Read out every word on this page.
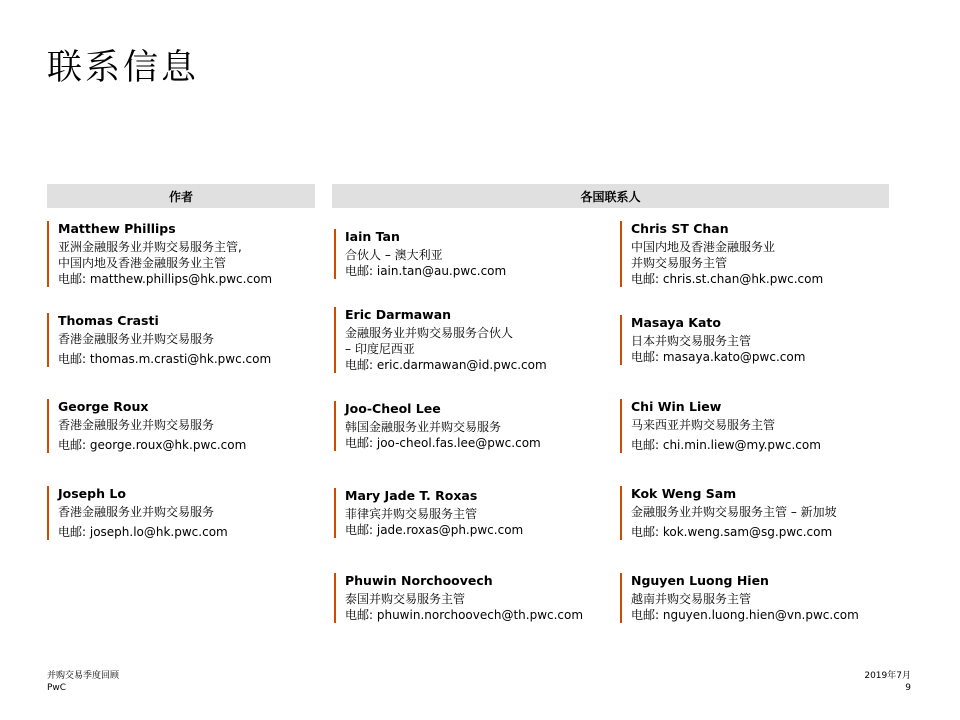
联系信息
作者	各国联系人
Matthew Phillips
亚洲金融服务业并购交易服务主管,
中国内地及香港金融服务业主管
电邮: matthew.phillips@hk.pwc.com
Thomas Crasti
香港金融服务业并购交易服务
电邮: thomas.m.crasti@hk.pwc.com
George Roux
香港金融服务业并购交易服务
电邮: george.roux@hk.pwc.com
Joseph Lo
香港金融服务业并购交易服务
电邮: joseph.lo@hk.pwc.com
Iain Tan
合伙人 – 澳大利亚
电邮: iain.tan@au.pwc.com
Eric Darmawan
金融服务业并购交易服务合伙人
– 印度尼西亚
电邮: eric.darmawan@id.pwc.com
Joo-Cheol Lee
韩国金融服务业并购交易服务
电邮: joo-cheol.fas.lee@pwc.com
Mary Jade T. Roxas
菲律宾并购交易服务主管
电邮: jade.roxas@ph.pwc.com
Phuwin Norchoovech
泰国并购交易服务主管
电邮: phuwin.norchoovech@th.pwc.com
Chris ST Chan
中国内地及香港金融服务业
并购交易服务主管
电邮: chris.st.chan@hk.pwc.com
Masaya Kato
日本并购交易服务主管
电邮: masaya.kato@pwc.com
Chi Win Liew
马来西亚并购交易服务主管
电邮: chi.min.liew@my.pwc.com
Kok Weng Sam
金融服务业并购交易服务主管 – 新加坡
电邮: kok.weng.sam@sg.pwc.com
Nguyen Luong Hien
越南并购交易服务主管
电邮: nguyen.luong.hien@vn.pwc.com
并购交易季度回顾
PwC
2019年7月
9
